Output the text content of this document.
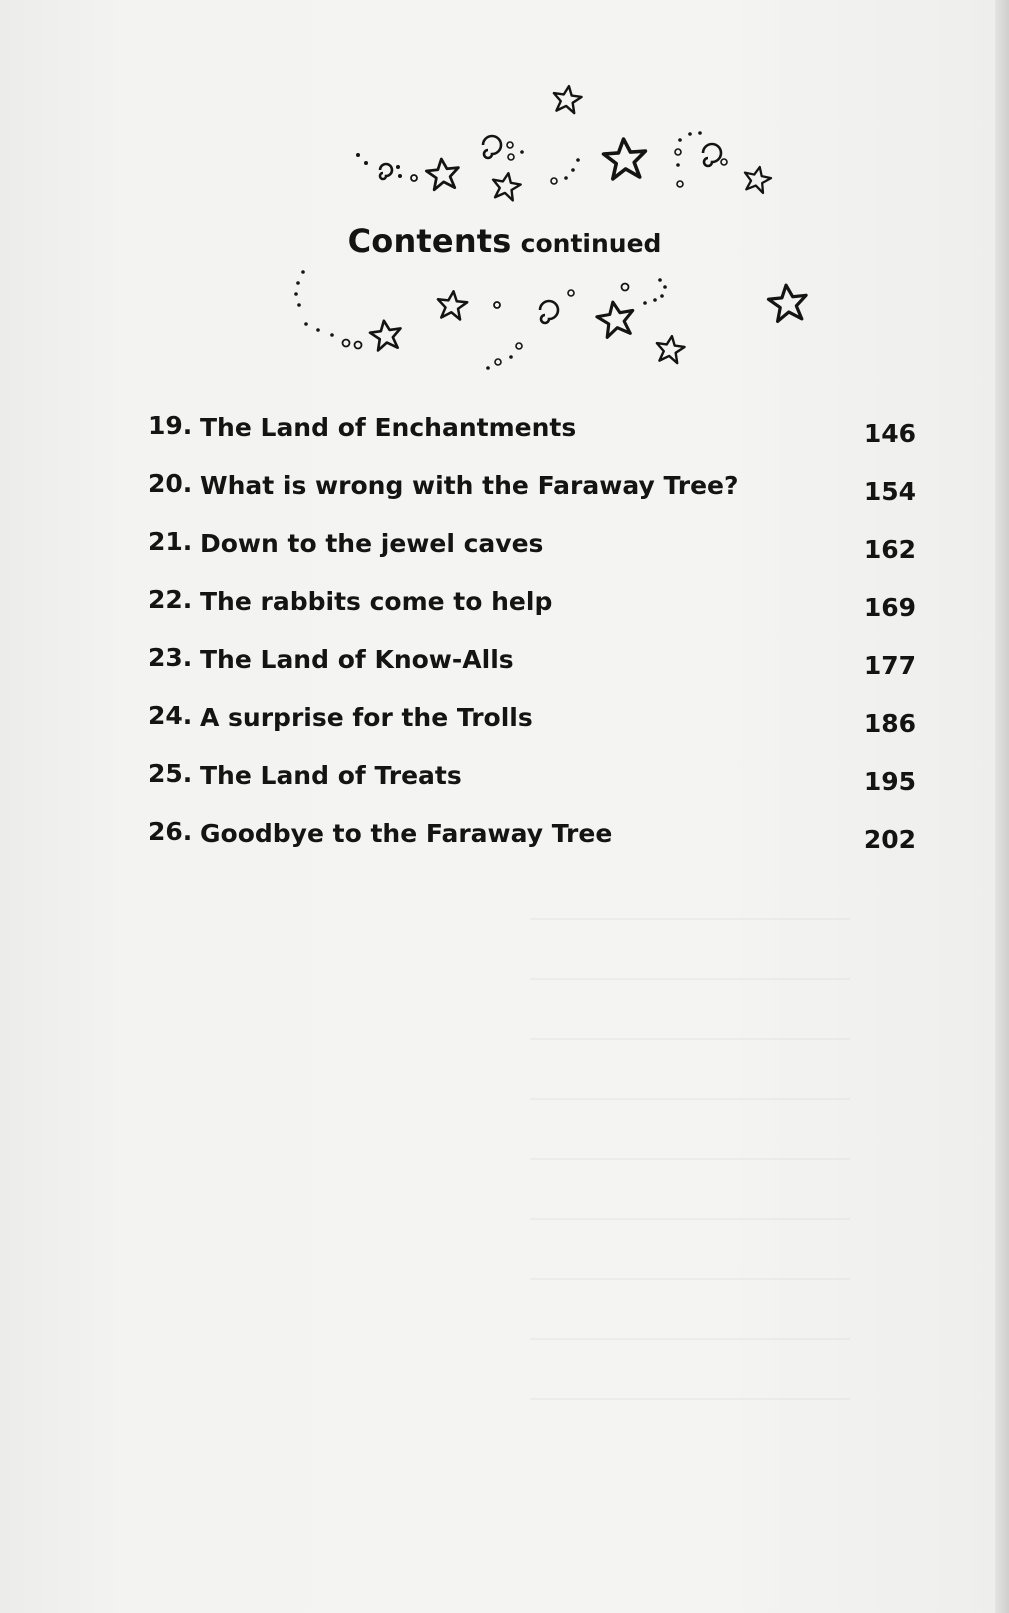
Contents continued
19. The Land of Enchantments	146
20. What is wrong with the Faraway Tree?	154
21. Down to the jewel caves	162
22. The rabbits come to help	169
23. The Land of Know-Alls	177
24. A surprise for the Trolls	186
25. The Land of Treats	195
26. Goodbye to the Faraway Tree	202
